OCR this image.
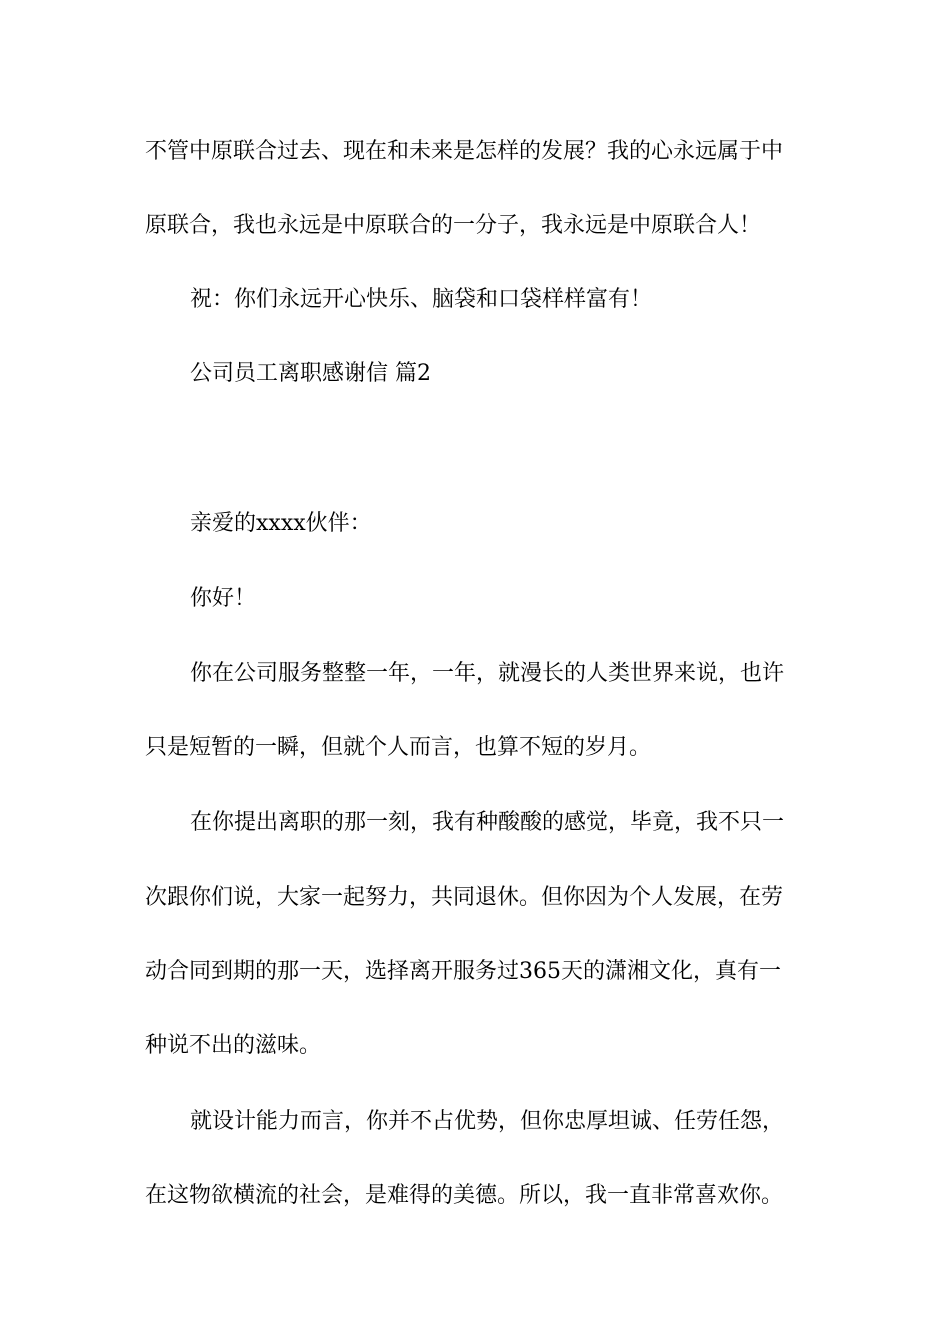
不管中原联合过去、现在和未来是怎样的发展？我的心永远属于中
原联合，我也永远是中原联合的一分子，我永远是中原联合人！
祝：你们永远开心快乐、脑袋和口袋样样富有！
公司员工离职感谢信 篇2
亲爱的xxxx伙伴：
你好！
你在公司服务整整一年，一年，就漫长的人类世界来说，也许
只是短暂的一瞬，但就个人而言，也算不短的岁月。
在你提出离职的那一刻，我有种酸酸的感觉，毕竟，我不只一
次跟你们说，大家一起努力，共同退休。但你因为个人发展，在劳
动合同到期的那一天，选择离开服务过365天的潇湘文化，真有一
种说不出的滋味。
就设计能力而言，你并不占优势，但你忠厚坦诚、任劳任怨，
在这物欲横流的社会，是难得的美德。所以，我一直非常喜欢你。
